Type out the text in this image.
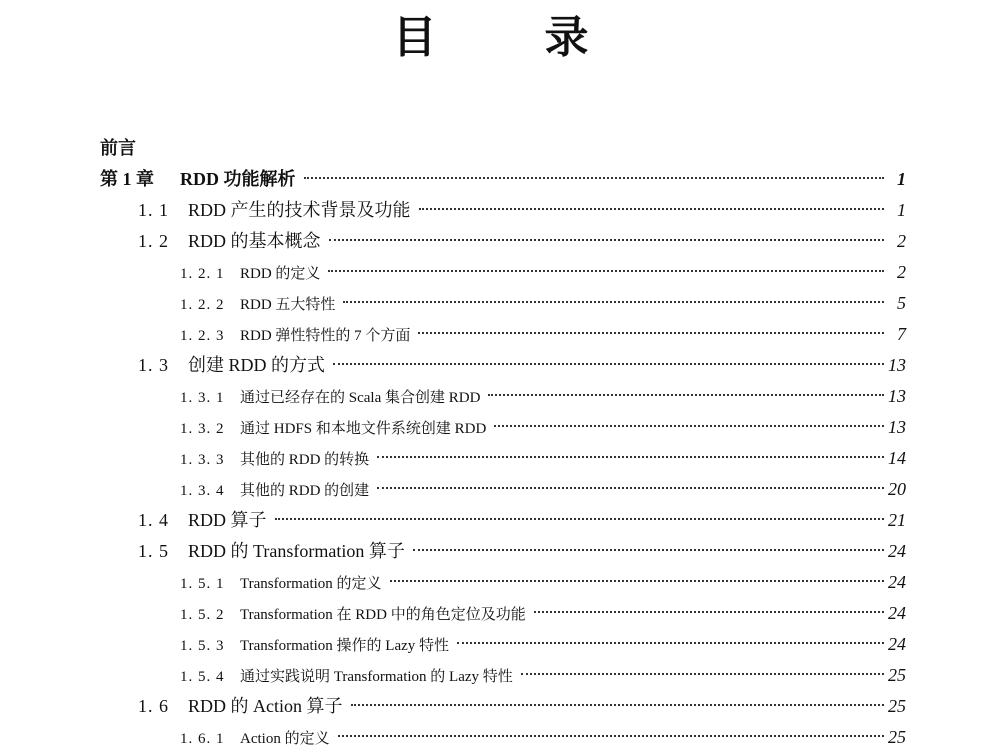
目录
前言
第 1 章	RDD 功能解析	1
1. 1	RDD 产生的技术背景及功能	1
1. 2	RDD 的基本概念	2
1. 2. 1	RDD 的定义	2
1. 2. 2	RDD 五大特性	5
1. 2. 3	RDD 弹性特性的 7 个方面	7
1. 3	创建 RDD 的方式	13
1. 3. 1	通过已经存在的 Scala 集合创建 RDD	13
1. 3. 2	通过 HDFS 和本地文件系统创建 RDD	13
1. 3. 3	其他的 RDD 的转换	14
1. 3. 4	其他的 RDD 的创建	20
1. 4	RDD 算子	21
1. 5	RDD 的 Transformation 算子	24
1. 5. 1	Transformation 的定义	24
1. 5. 2	Transformation 在 RDD 中的角色定位及功能	24
1. 5. 3	Transformation 操作的 Lazy 特性	24
1. 5. 4	通过实践说明 Transformation 的 Lazy 特性	25
1. 6	RDD 的 Action 算子	25
1. 6. 1	Action 的定义	25
